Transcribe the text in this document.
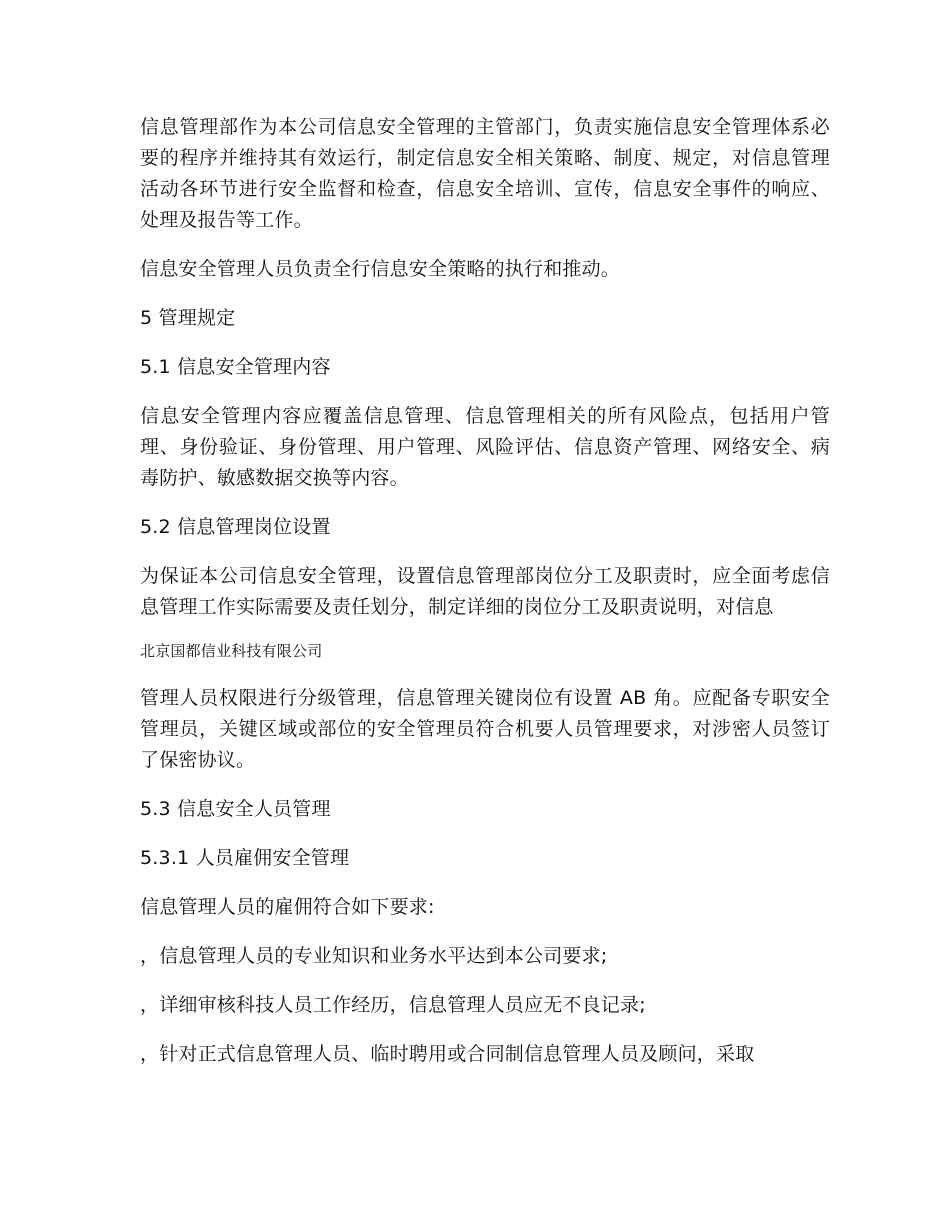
信息管理部作为本公司信息安全管理的主管部门，负责实施信息安全管理体系必要的程序并维持其有效运行，制定信息安全相关策略、制度、规定，对信息管理活动各环节进行安全监督和检查，信息安全培训、宣传，信息安全事件的响应、处理及报告等工作。

信息安全管理人员负责全行信息安全策略的执行和推动。

5 管理规定

5.1 信息安全管理内容

信息安全管理内容应覆盖信息管理、信息管理相关的所有风险点，包括用户管理、身份验证、身份管理、用户管理、风险评估、信息资产管理、网络安全、病毒防护、敏感数据交换等内容。

5.2 信息管理岗位设置

为保证本公司信息安全管理，设置信息管理部岗位分工及职责时，应全面考虑信息管理工作实际需要及责任划分，制定详细的岗位分工及职责说明，对信息

北京国都信业科技有限公司

管理人员权限进行分级管理，信息管理关键岗位有设置 AB 角。应配备专职安全管理员，关键区域或部位的安全管理员符合机要人员管理要求，对涉密人员签订了保密协议。

5.3 信息安全人员管理

5.3.1 人员雇佣安全管理

信息管理人员的雇佣符合如下要求:

，信息管理人员的专业知识和业务水平达到本公司要求;

，详细审核科技人员工作经历，信息管理人员应无不良记录;

，针对正式信息管理人员、临时聘用或合同制信息管理人员及顾问，采取
